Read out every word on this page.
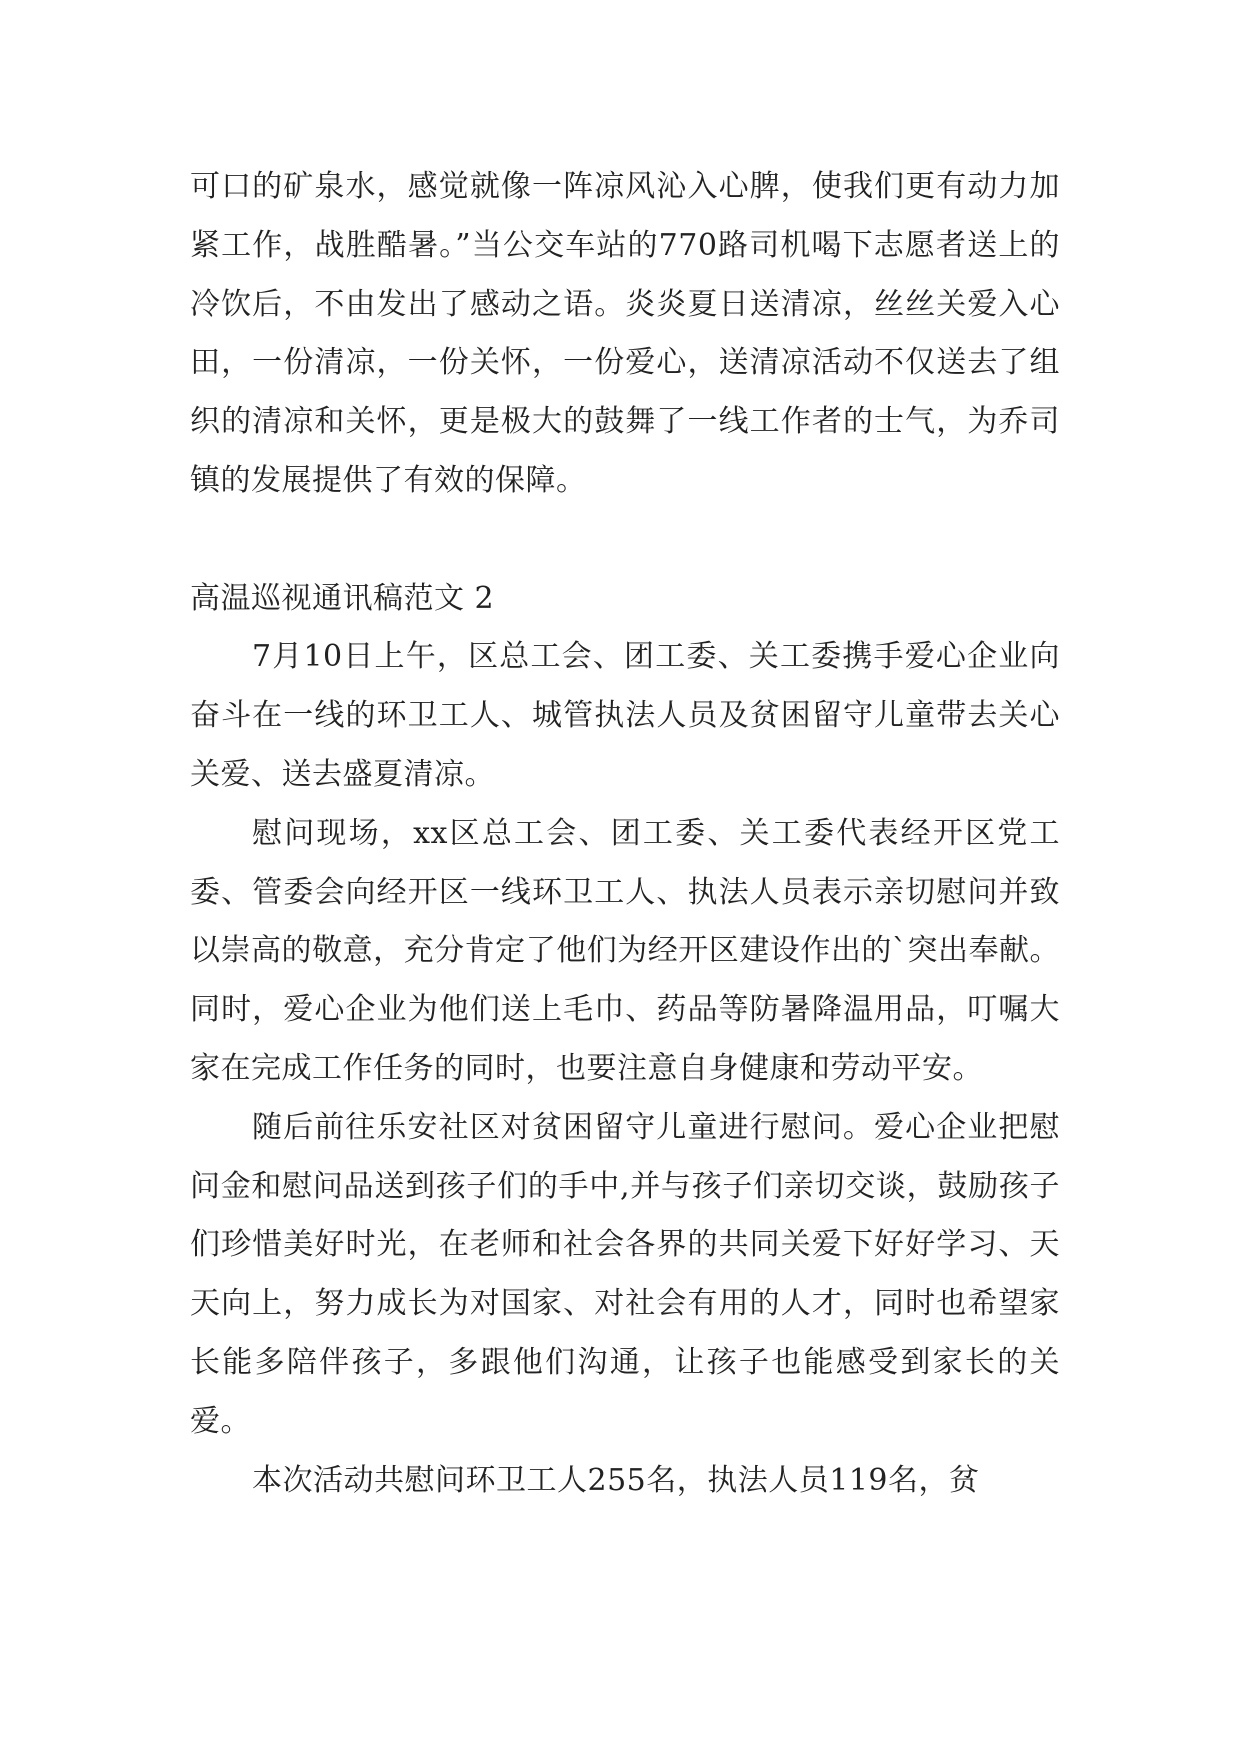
可口的矿泉水，感觉就像一阵凉风沁入心脾，使我们更有动力加紧工作，战胜酷暑。”当公交车站的770路司机喝下志愿者送上的冷饮后，不由发出了感动之语。炎炎夏日送清凉，丝丝关爱入心田，一份清凉，一份关怀，一份爱心，送清凉活动不仅送去了组织的清凉和关怀，更是极大的鼓舞了一线工作者的士气，为乔司镇的发展提供了有效的保障。

高温巡视通讯稿范文 2

7月10日上午，区总工会、团工委、关工委携手爱心企业向奋斗在一线的环卫工人、城管执法人员及贫困留守儿童带去关心关爱、送去盛夏清凉。

慰问现场，xx区总工会、团工委、关工委代表经开区党工委、管委会向经开区一线环卫工人、执法人员表示亲切慰问并致以崇高的敬意，充分肯定了他们为经开区建设作出的`突出奉献。同时，爱心企业为他们送上毛巾、药品等防暑降温用品，叮嘱大家在完成工作任务的同时，也要注意自身健康和劳动平安。

随后前往乐安社区对贫困留守儿童进行慰问。爱心企业把慰问金和慰问品送到孩子们的手中,并与孩子们亲切交谈，鼓励孩子们珍惜美好时光，在老师和社会各界的共同关爱下好好学习、天天向上，努力成长为对国家、对社会有用的人才，同时也希望家长能多陪伴孩子，多跟他们沟通，让孩子也能感受到家长的关爱。

本次活动共慰问环卫工人255名，执法人员119名，贫
